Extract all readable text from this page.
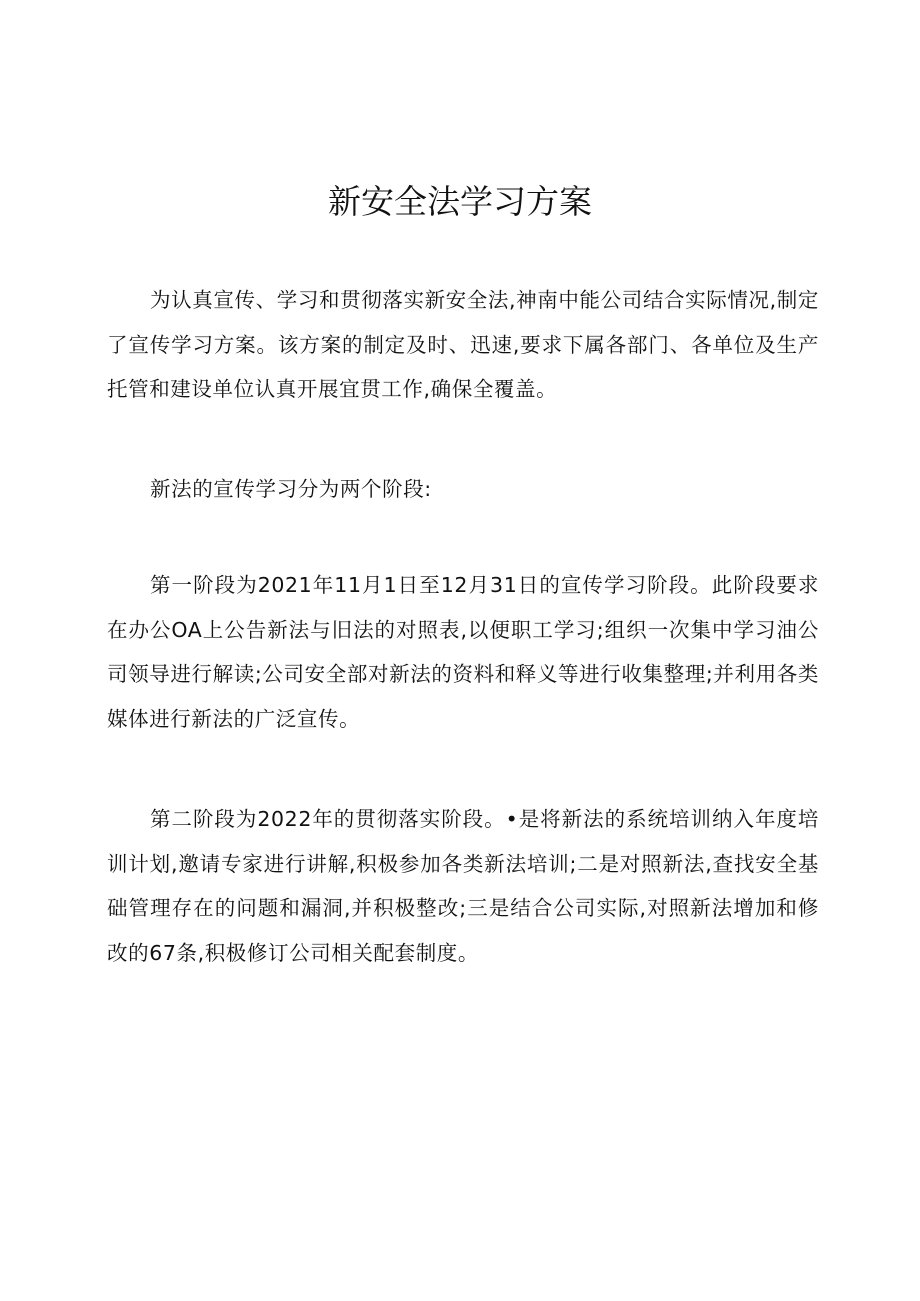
新安全法学习方案

为认真宣传、学习和贯彻落实新安全法,神南中能公司结合实际情况,制定了宣传学习方案。该方案的制定及时、迅速,要求下属各部门、各单位及生产托管和建设单位认真开展宜贯工作,确保全覆盖。

新法的宣传学习分为两个阶段:

第一阶段为2021年11月1日至12月31日的宣传学习阶段。此阶段要求在办公OA上公告新法与旧法的对照表,以便职工学习;组织一次集中学习油公司领导进行解读;公司安全部对新法的资料和释义等进行收集整理;并利用各类媒体进行新法的广泛宣传。

第二阶段为2022年的贯彻落实阶段。•是将新法的系统培训纳入年度培训计划,邀请专家进行讲解,积极参加各类新法培训;二是对照新法,查找安全基础管理存在的问题和漏洞,并积极整改;三是结合公司实际,对照新法增加和修改的67条,积极修订公司相关配套制度。
